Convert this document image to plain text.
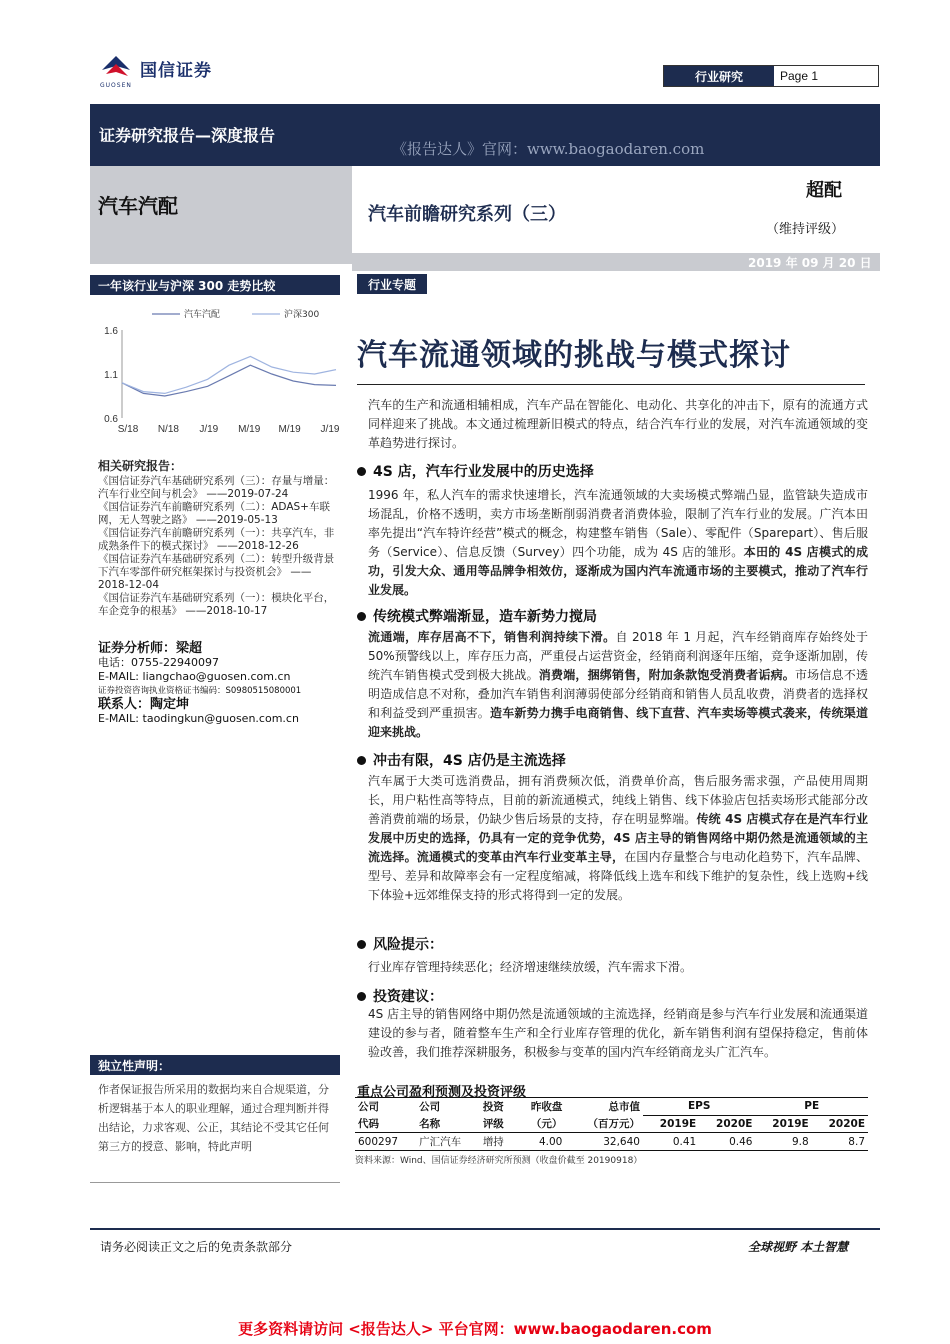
国信证券
GUOSEN
行业研究	Page 1
证券研究报告—深度报告
《报告达人》官网：www.baogaodaren.com
汽车汽配	汽车前瞻研究系列（三）
超配
（维持评级）
2019 年 09 月 20 日
一年该行业与沪深 300 走势比较
1.6
1.1
0.6
S/18 N/18 J/19 M/19 M/19 J/19
汽车汽配	沪深300
相关研究报告：
《国信证券汽车基础研究系列（三）：存量与增量：汽车行业空间与机会》 ——2019-07-24
《国信证券汽车前瞻研究系列（二）：ADAS+车联网，无人驾驶之路》 ——2019-05-13
《国信证券汽车前瞻研究系列（一）：共享汽车，非成熟条件下的模式探讨》 ——2018-12-26
《国信证券汽车基础研究系列（二）：转型升级背景下汽车零部件研究框架探讨与投资机会》 ——2018-12-04
《国信证券汽车基础研究系列（一）：模块化平台，车企竞争的根基》 ——2018-10-17
证券分析师：梁超
电话：0755-22940097
E-MAIL: liangchao@guosen.com.cn
证券投资咨询执业资格证书编码：S0980515080001
联系人：陶定坤
E-MAIL: taodingkun@guosen.com.cn
独立性声明：
作者保证报告所采用的数据均来自合规渠道，分析逻辑基于本人的职业理解，通过合理判断并得出结论，力求客观、公正，其结论不受其它任何第三方的授意、影响，特此声明
行业专题
汽车流通领域的挑战与模式探讨
汽车的生产和流通相辅相成，汽车产品在智能化、电动化、共享化的冲击下，原有的流通方式同样迎来了挑战。本文通过梳理新旧模式的特点，结合汽车行业的发展，对汽车流通领域的变革趋势进行探讨。
4S 店，汽车行业发展中的历史选择
1996 年，私人汽车的需求快速增长，汽车流通领域的大卖场模式弊端凸显，监管缺失造成市场混乱，价格不透明，卖方市场垄断削弱消费者消费体验，限制了汽车行业的发展。广汽本田率先提出“汽车特许经营”模式的概念，构建整车销售（Sale）、零配件（Sparepart）、售后服务（Service）、信息反馈（Survey）四个功能，成为 4S 店的雏形。本田的 4S 店模式的成功，引发大众、通用等品牌争相效仿，逐渐成为国内汽车流通市场的主要模式，推动了汽车行业发展。
传统模式弊端渐显，造车新势力搅局
流通端，库存居高不下，销售利润持续下滑。自 2018 年 1 月起，汽车经销商库存始终处于 50%预警线以上，库存压力高，严重侵占运营资金，经销商利润逐年压缩，竞争逐渐加剧，传统汽车销售模式受到极大挑战。消费端，捆绑销售，附加条款饱受消费者诟病。市场信息不透明造成信息不对称，叠加汽车销售利润薄弱使部分经销商和销售人员乱收费，消费者的选择权和利益受到严重损害。造车新势力携手电商销售、线下直营、汽车卖场等模式袭来，传统渠道迎来挑战。
冲击有限，4S 店仍是主流选择
汽车属于大类可选消费品，拥有消费频次低，消费单价高，售后服务需求强，产品使用周期长，用户粘性高等特点，目前的新流通模式，纯线上销售、线下体验店包括卖场形式能部分改善消费前端的场景，仍缺少售后场景的支持，存在明显弊端。传统 4S 店模式存在是汽车行业发展中历史的选择，仍具有一定的竞争优势，4S 店主导的销售网络中期仍然是流通领域的主流选择。流通模式的变革由汽车行业变革主导，在国内存量整合与电动化趋势下，汽车品牌、型号、差异和故障率会有一定程度缩减，将降低线上选车和线下维护的复杂性，线上选购+线下体验+远郊维保支持的形式将得到一定的发展。
风险提示：
行业库存管理持续恶化；经济增速继续放缓，汽车需求下滑。
投资建议：
4S 店主导的销售网络中期仍然是流通领域的主流选择，经销商是参与汽车行业发展和流通渠道建设的参与者，随着整车生产和全行业库存管理的优化，新车销售利润有望保持稳定，售前体验改善，我们推荐深耕服务，积极参与变革的国内汽车经销商龙头广汇汽车。
重点公司盈利预测及投资评级
公司	公司	投资	昨收盘	总市值	EPS		PE	
代码	名称	评级	（元）	（百万元）	2019E	2020E	2019E	2020E
600297	广汇汽车	增持	4.00	32,640	0.41	0.46	9.8	8.7
资料来源：Wind、国信证券经济研究所预测（收盘价截至 20190918）
请务必阅读正文之后的免责条款部分	全球视野 本土智慧
更多资料请访问 <报告达人> 平台官网：www.baogaodaren.com
